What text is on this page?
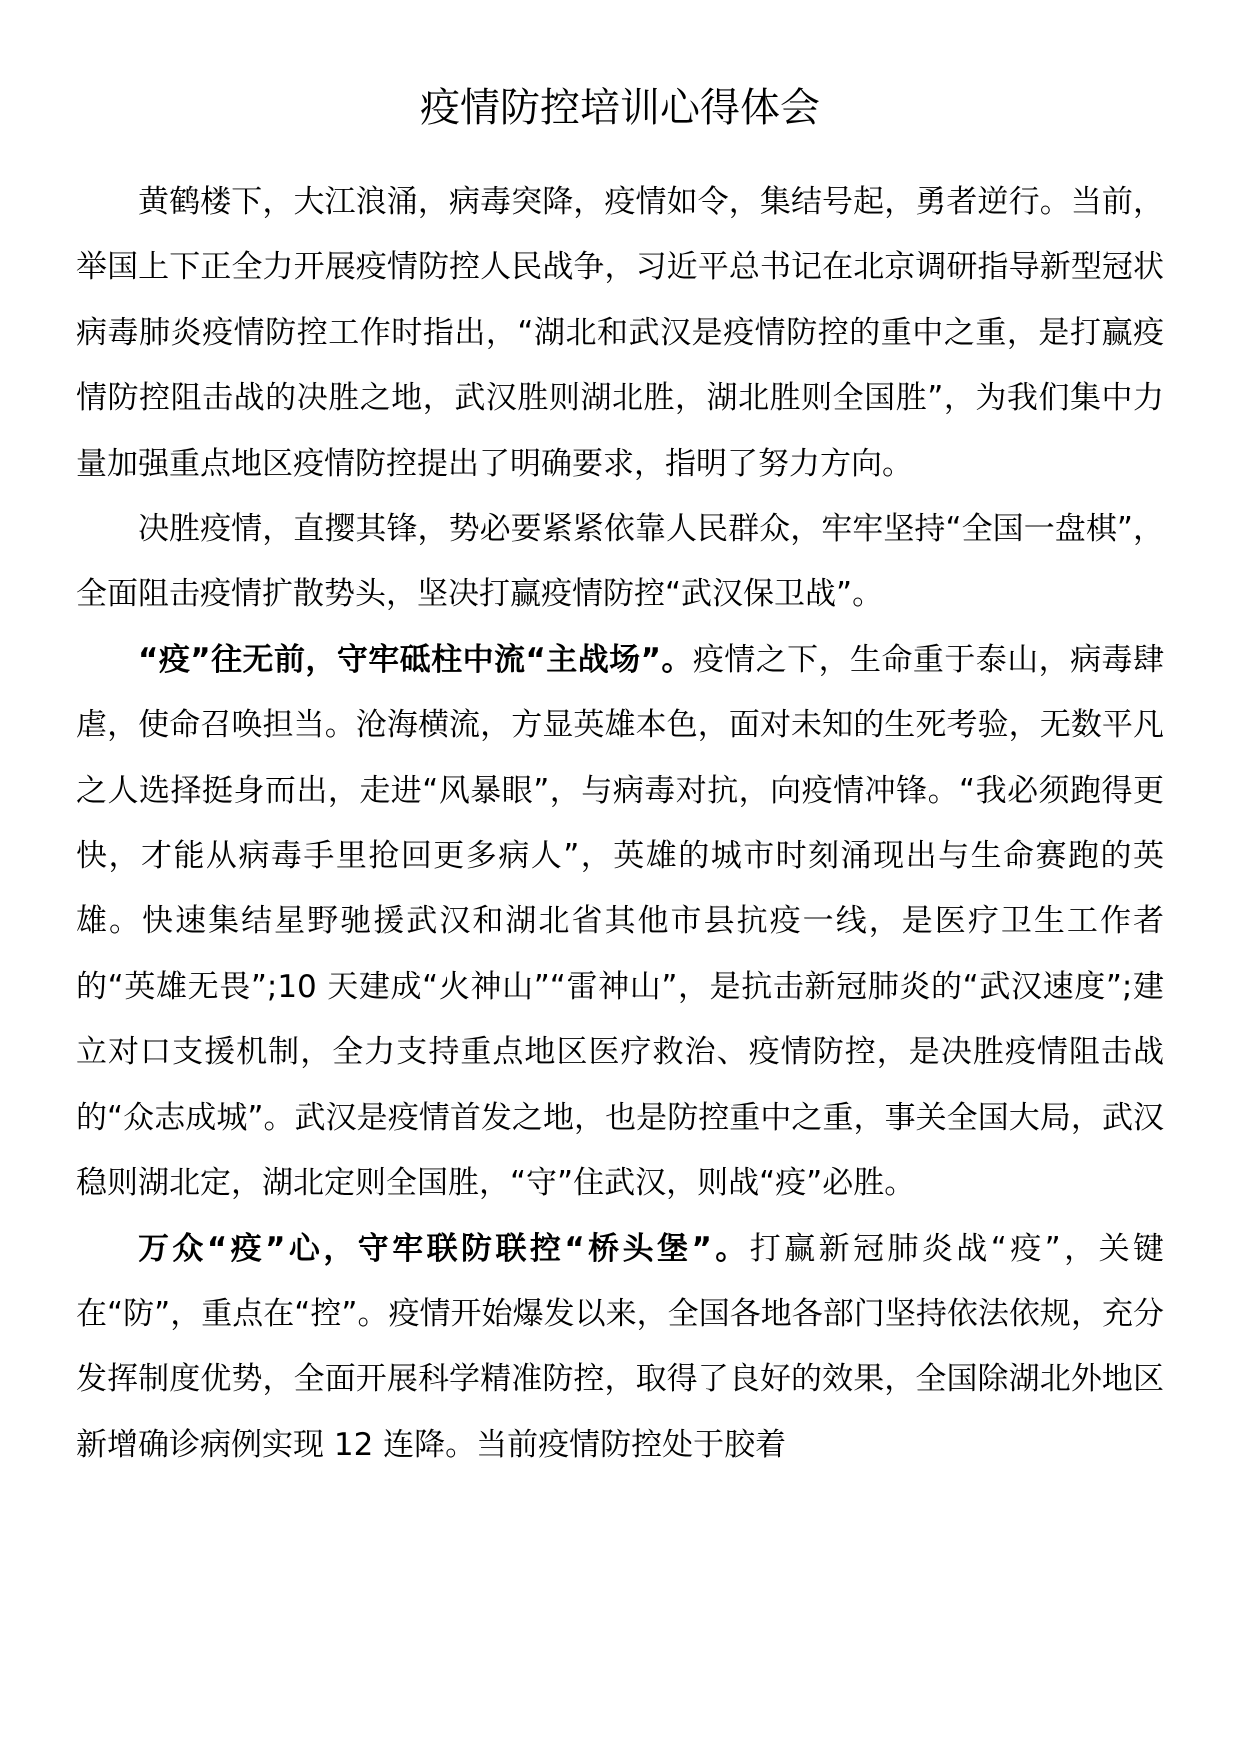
疫情防控培训心得体会

黄鹤楼下，大江浪涌，病毒突降，疫情如令，集结号起，勇者逆行。当前，举国上下正全力开展疫情防控人民战争，习近平总书记在北京调研指导新型冠状病毒肺炎疫情防控工作时指出，“湖北和武汉是疫情防控的重中之重，是打赢疫情防控阻击战的决胜之地，武汉胜则湖北胜，湖北胜则全国胜”，为我们集中力量加强重点地区疫情防控提出了明确要求，指明了努力方向。

决胜疫情，直撄其锋，势必要紧紧依靠人民群众，牢牢坚持“全国一盘棋”，全面阻击疫情扩散势头，坚决打赢疫情防控“武汉保卫战”。

“疫”往无前，守牢砥柱中流“主战场”。疫情之下，生命重于泰山，病毒肆虐，使命召唤担当。沧海横流，方显英雄本色，面对未知的生死考验，无数平凡之人选择挺身而出，走进“风暴眼”，与病毒对抗，向疫情冲锋。“我必须跑得更快，才能从病毒手里抢回更多病人”，英雄的城市时刻涌现出与生命赛跑的英雄。快速集结星野驰援武汉和湖北省其他市县抗疫一线，是医疗卫生工作者的“英雄无畏”;10 天建成“火神山”“雷神山”，是抗击新冠肺炎的“武汉速度”;建立对口支援机制，全力支持重点地区医疗救治、疫情防控，是决胜疫情阻击战的“众志成城”。武汉是疫情首发之地，也是防控重中之重，事关全国大局，武汉稳则湖北定，湖北定则全国胜，“守”住武汉，则战“疫”必胜。

万众“疫”心，守牢联防联控“桥头堡”。打赢新冠肺炎战“疫”，关键在“防”，重点在“控”。疫情开始爆发以来，全国各地各部门坚持依法依规，充分发挥制度优势，全面开展科学精准防控，取得了良好的效果，全国除湖北外地区新增确诊病例实现 12 连降。当前疫情防控处于胶着
